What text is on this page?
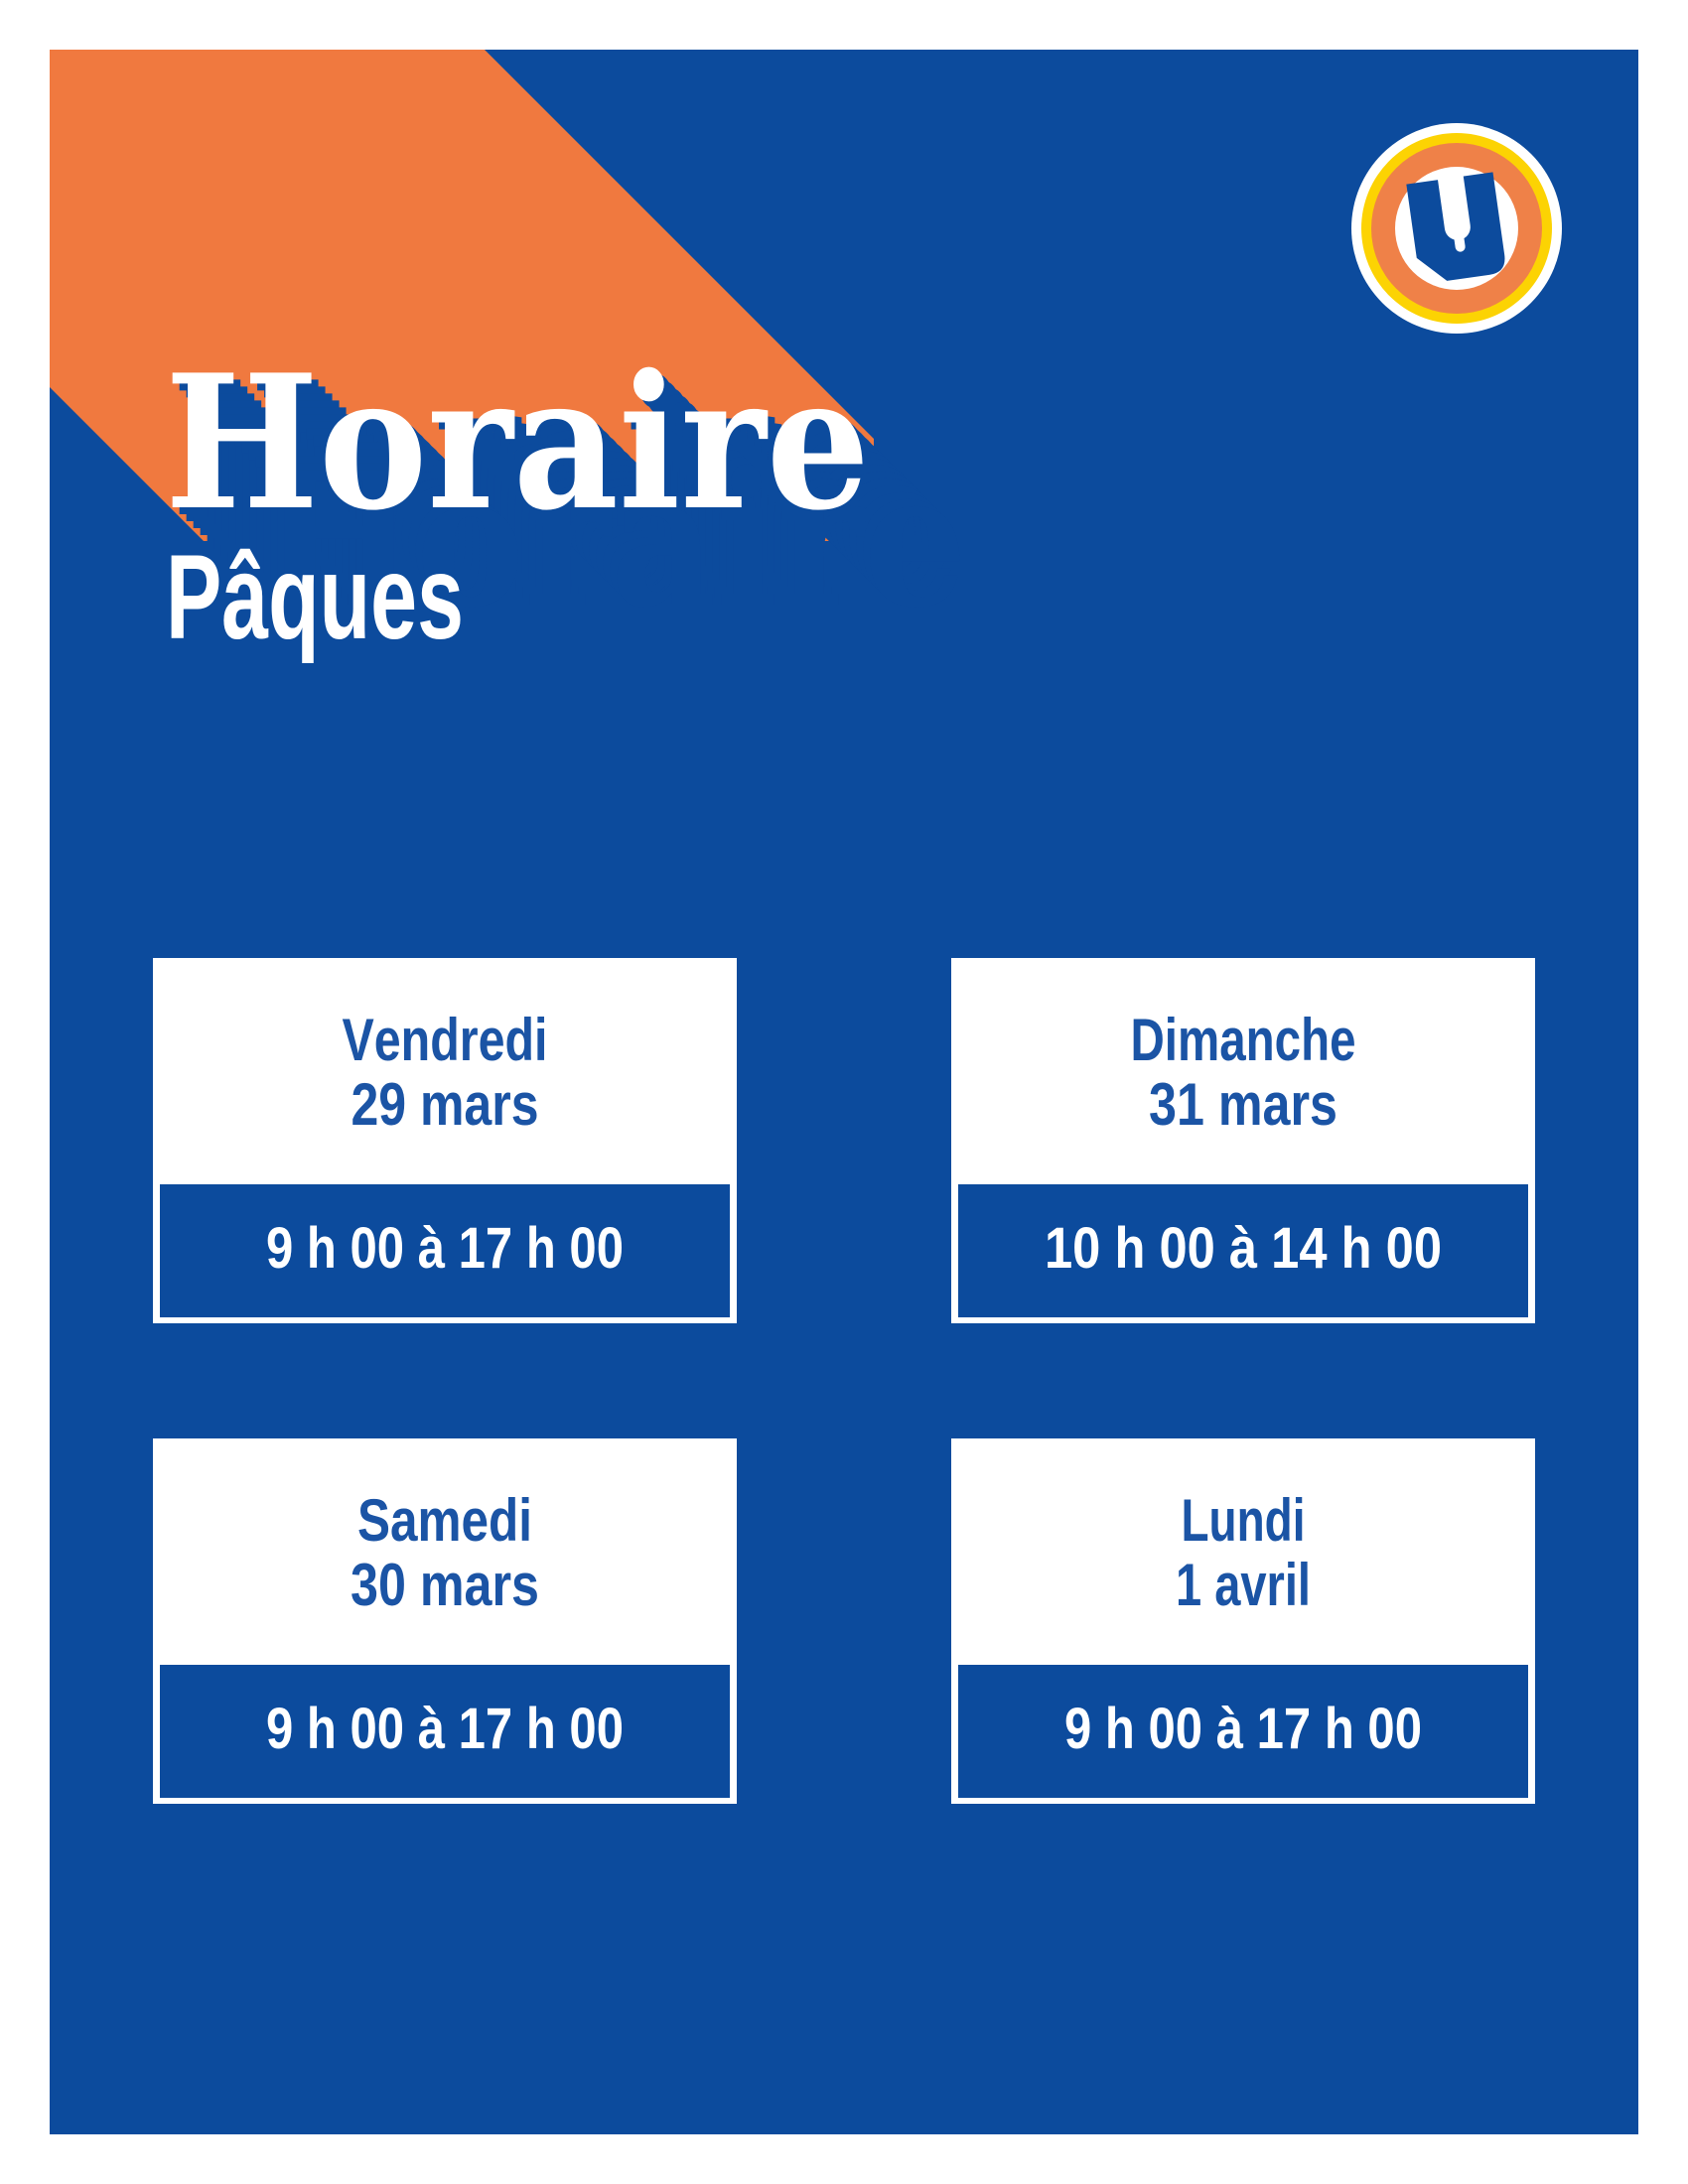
Pâques
Vendredi
29 mars
9 h 00 à 17 h 00
Dimanche
31 mars
10 h 00 à 14 h 00
Samedi
30 mars
9 h 00 à 17 h 00
Lundi
1 avril
9 h 00 à 17 h 00
